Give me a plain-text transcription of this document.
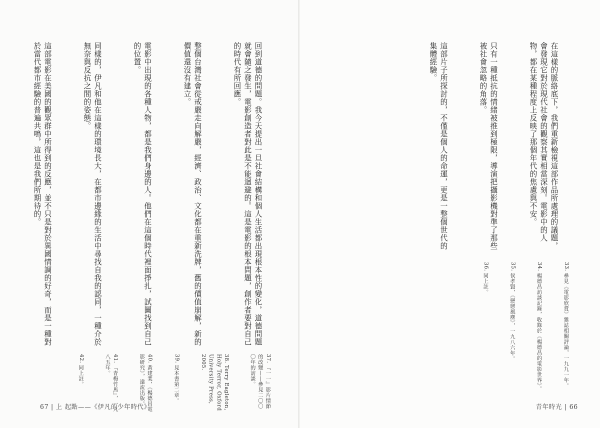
回到道德的問題。我今天提出一旦社會結構和個人生活都出現根本性的變化，道德問題就會隨之發生，電影創造者對此是不能迴避的。這是電影的根本問題，創作者要對自己的時代有所回應。

整個台灣社會從戒嚴走向解嚴，經濟、政治、文化都在重新洗牌，舊的價值崩解，新的價值還沒有建立。

電影中出現的各種人物，都是我們身邊的人。他們在這個時代裡面掙扎，試圖找到自己的位置。

同樣的，伊凡和他在這樣的環境長大，在都市邊緣的生活中尋找自我的認同，一種介於無奈與反抗之間的姿態。

這部電影在美國的觀眾群中所得到的反應，並不只是對於異國情調的好奇，而是一種對於當代都市經驗的普遍共鳴，這也是我們所期待的。

37. 『一一』影片情節的改變——參見二〇〇〇年的訪談。

38. Terry Eagleton, Holy Terror, Oxford University Press, 2005.

39. 見本書第二章。

40. 黃建業，《楊德昌電影研究》，遠流出版。

41. 『青梅竹馬』，一九八五年。

42. 同上註。

67 | 上 起點——《伊凡的少年時代》

在這樣的脈絡底下，我們重新檢視這部作品所處理的議題，會發現它對於現代社會的觀察其實相當深刻。電影中的人物，都在某種程度上反映了那個年代的焦慮與不安。

只有一種抵抗的情緒被推到極限，導演把攝影機對準了那些被社會忽略的角落。

這部片子所探討的，不僅是個人的命運，更是一整個世代的集體經驗。

33. 參見《電影欣賞》雜誌相關評論，一九九一年。

34. 楊德昌訪談記錄，收錄於《楊德昌的電影世界》。

35. 侯孝賢，《戀戀風塵》，一九八六年。

36. 同上註。

青年時光 | 66
